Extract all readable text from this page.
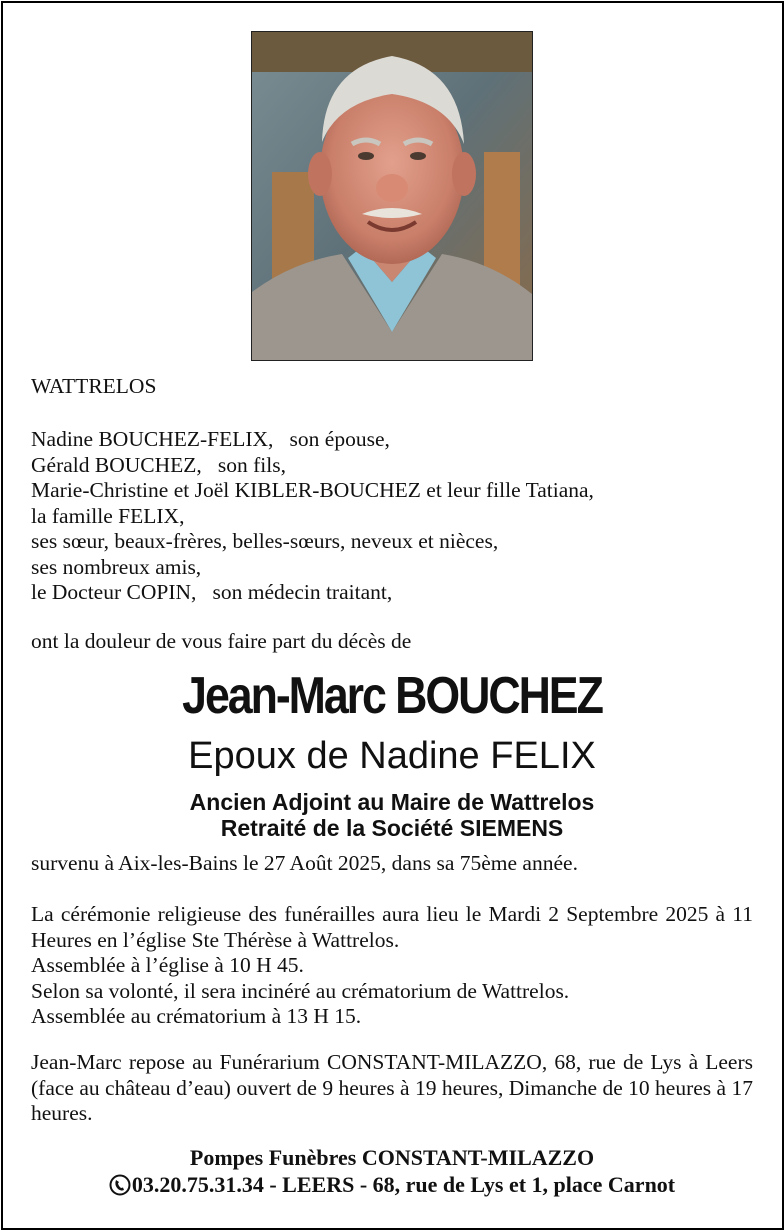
WATTRELOS
Nadine BOUCHEZ-FELIX,   son épouse,
Gérald BOUCHEZ,   son fils,
Marie-Christine et Joël KIBLER-BOUCHEZ et leur fille Tatiana,
la famille FELIX,
ses sœur, beaux-frères, belles-sœurs, neveux et nièces,
ses nombreux amis,
le Docteur COPIN,   son médecin traitant,
ont la douleur de vous faire part du décès de
Jean-Marc BOUCHEZ
Epoux de Nadine FELIX
Ancien Adjoint au Maire de Wattrelos
Retraité de la Société SIEMENS
survenu à Aix-les-Bains le 27 Août 2025, dans sa 75ème année.
La cérémonie religieuse des funérailles aura lieu le Mardi 2 Septembre 2025 à 11 Heures en l’église Ste Thérèse à Wattrelos.
Assemblée à l’église à 10 H 45.
Selon sa volonté, il sera incinéré au crématorium de Wattrelos.
Assemblée au crématorium à 13 H 15.
Jean-Marc repose au Funérarium CONSTANT-MILAZZO, 68, rue de Lys à Leers (face au château d’eau) ouvert de 9 heures à 19 heures, Dimanche de 10 heures à 17 heures.
Pompes Funèbres CONSTANT-MILAZZO
03.20.75.31.34 - LEERS - 68, rue de Lys et 1, place Carnot
